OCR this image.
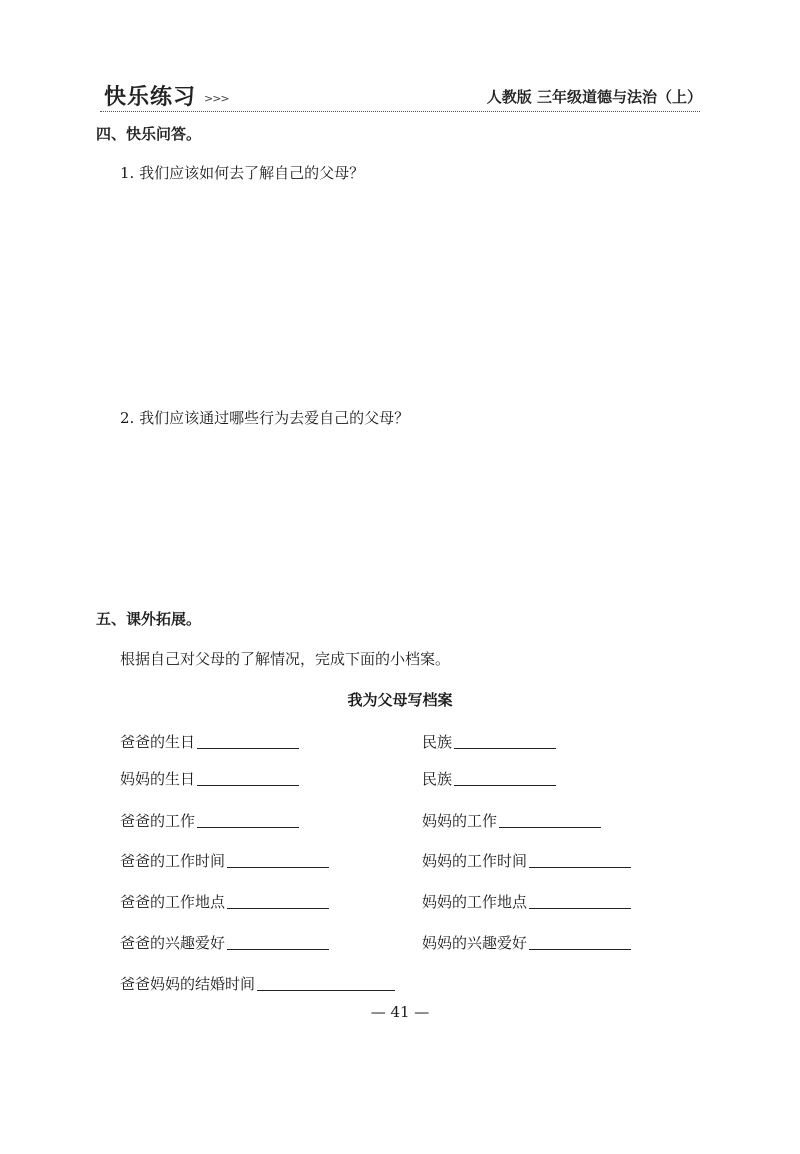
快乐练习 >>>	人教版 三年级道德与法治（上）
四、快乐问答。
1. 我们应该如何去了解自己的父母？
2. 我们应该通过哪些行为去爱自己的父母？
五、课外拓展。
根据自己对父母的了解情况，完成下面的小档案。
我为父母写档案
爸爸的生日
妈妈的生日
爸爸的工作
爸爸的工作时间
爸爸的工作地点
爸爸的兴趣爱好
爸爸妈妈的结婚时间
民族
民族
妈妈的工作
妈妈的工作时间
妈妈的工作地点
妈妈的兴趣爱好
— 41 —
